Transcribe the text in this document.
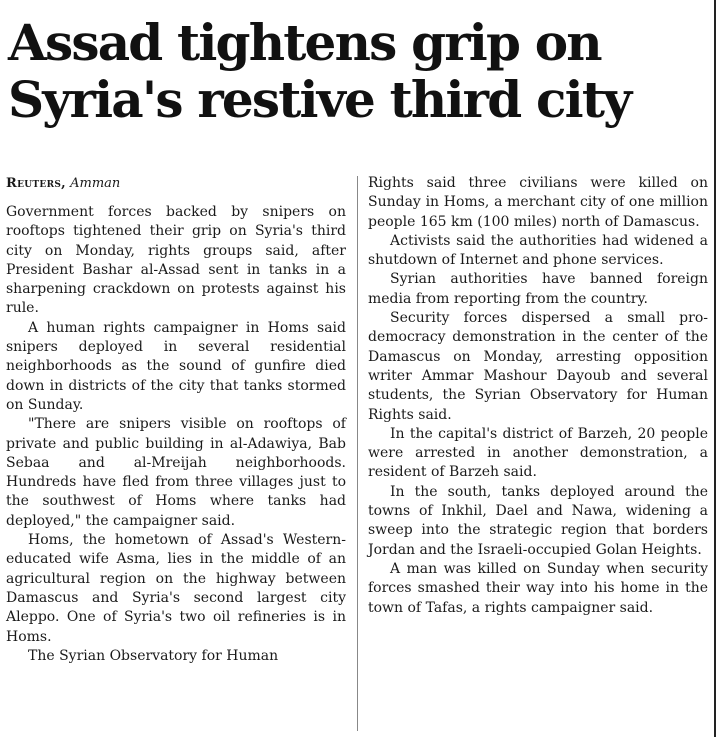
Assad tightens grip on
Syria's restive third city
Reuters, Amman

Government forces backed by snipers on rooftops tightened their grip on Syria's third city on Monday, rights groups said, after President Bashar al-Assad sent in tanks in a sharpening crackdown on protests against his rule.

A human rights campaigner in Homs said snipers deployed in several residential neighborhoods as the sound of gunfire died down in districts of the city that tanks stormed on Sunday.

"There are snipers visible on rooftops of private and public building in al-Adawiya, Bab Sebaa and al-Mreijah neighborhoods. Hundreds have fled from three villages just to the southwest of Homs where tanks had deployed," the campaigner said.

Homs, the hometown of Assad's Western-educated wife Asma, lies in the middle of an agricultural region on the highway between Damascus and Syria's second largest city Aleppo. One of Syria's two oil refineries is in Homs.

The Syrian Observatory for Human

Rights said three civilians were killed on Sunday in Homs, a merchant city of one million people 165 km (100 miles) north of Damascus.

Activists said the authorities had widened a shutdown of Internet and phone services.

Syrian authorities have banned foreign media from reporting from the country.

Security forces dispersed a small pro-democracy demonstration in the center of the Damascus on Monday, arresting opposition writer Ammar Mashour Dayoub and several students, the Syrian Observatory for Human Rights said.

In the capital's district of Barzeh, 20 people were arrested in another demonstration, a resident of Barzeh said.

In the south, tanks deployed around the towns of Inkhil, Dael and Nawa, widening a sweep into the strategic region that borders Jordan and the Israeli-occupied Golan Heights.

A man was killed on Sunday when security forces smashed their way into his home in the town of Tafas, a rights campaigner said.
